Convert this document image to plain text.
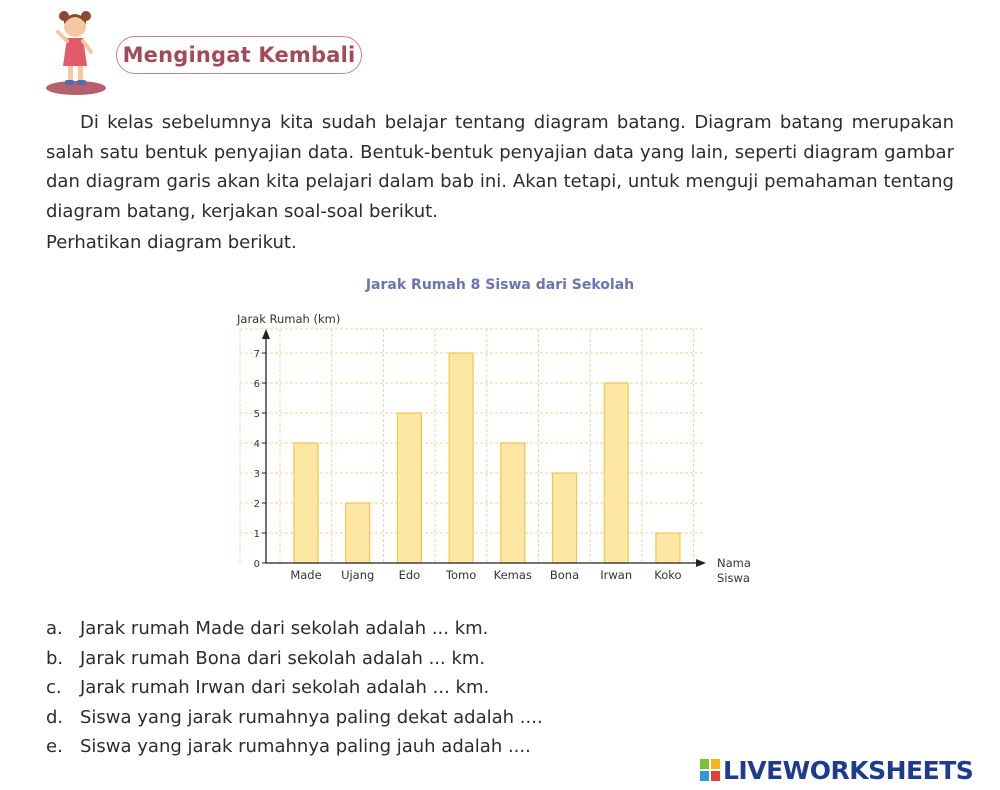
Mengingat Kembali
Di kelas sebelumnya kita sudah belajar tentang diagram batang. Diagram batang merupakan salah satu bentuk penyajian data. Bentuk-bentuk penyajian data yang lain, seperti diagram gambar dan diagram garis akan kita pelajari dalam bab ini. Akan tetapi, untuk menguji pemahaman tentang diagram batang, kerjakan soal-soal berikut.
Perhatikan diagram berikut.
Jarak Rumah 8 Siswa dari Sekolah
0
1
2
3
4
5
6
7
Made Ujang Edo Tomo Kemas Bona Irwan Koko
Jarak Rumah (km)
Nama
Siswa
a. Jarak rumah Made dari sekolah adalah ... km.
b. Jarak rumah Bona dari sekolah adalah ... km.
c.	Jarak rumah Irwan dari sekolah adalah ... km.
d. Siswa yang jarak rumahnya paling dekat adalah ....
e. Siswa yang jarak rumahnya paling jauh adalah ....
LIVEWORKSHEETS
